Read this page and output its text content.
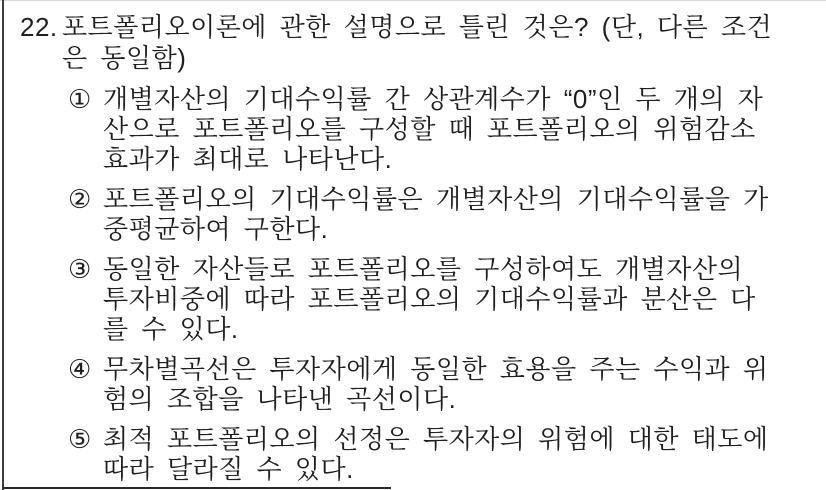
22. 포트폴리오이론에 관한 설명으로 틀린 것은? (단, 다른 조건
은 동일함)
① 개별자산의 기대수익률 간 상관계수가 “0”인 두 개의 자
산으로 포트폴리오를 구성할 때 포트폴리오의 위험감소
효과가 최대로 나타난다.
② 포트폴리오의 기대수익률은 개별자산의 기대수익률을 가
중평균하여 구한다.
③ 동일한 자산들로 포트폴리오를 구성하여도 개별자산의
투자비중에 따라 포트폴리오의 기대수익률과 분산은 다
를 수 있다.
④ 무차별곡선은 투자자에게 동일한 효용을 주는 수익과 위
험의 조합을 나타낸 곡선이다.
⑤ 최적 포트폴리오의 선정은 투자자의 위험에 대한 태도에
따라 달라질 수 있다.
